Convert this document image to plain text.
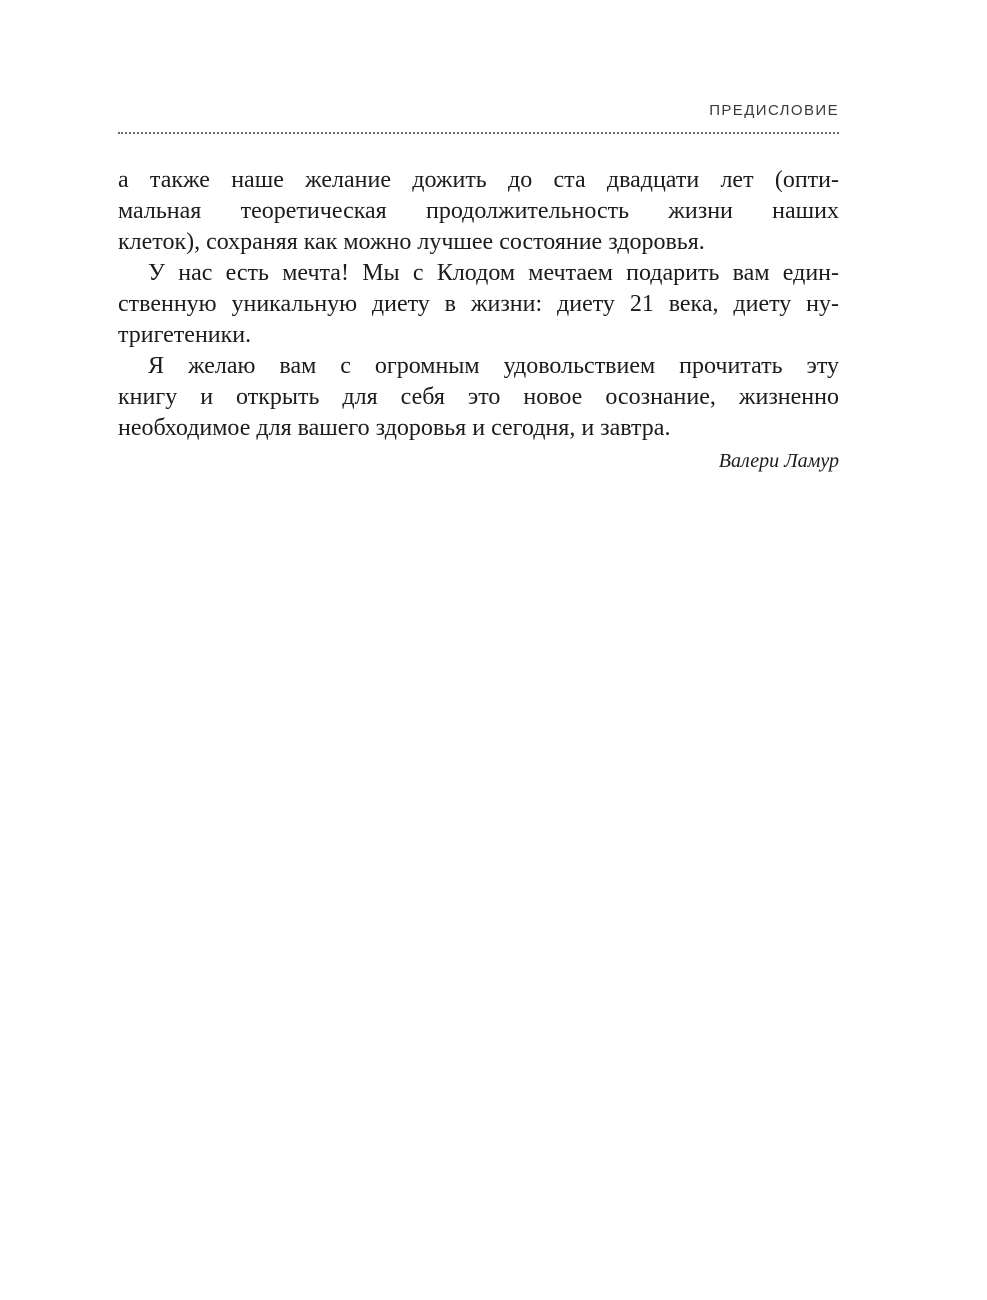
ПРЕДИСЛОВИЕ
а также наше желание дожить до ста двадцати лет (опти-
мальная теоретическая продолжительность жизни наших
клеток), сохраняя как можно лучшее состояние здоровья.
У нас есть мечта! Мы с Клодом мечтаем подарить вам един-
ственную уникальную диету в жизни: диету 21 века, диету ну-
тригетеники.
Я желаю вам с огромным удовольствием прочитать эту
книгу и открыть для себя это новое осознание, жизненно
необходимое для вашего здоровья и сегодня, и завтра.
Валери Ламур
